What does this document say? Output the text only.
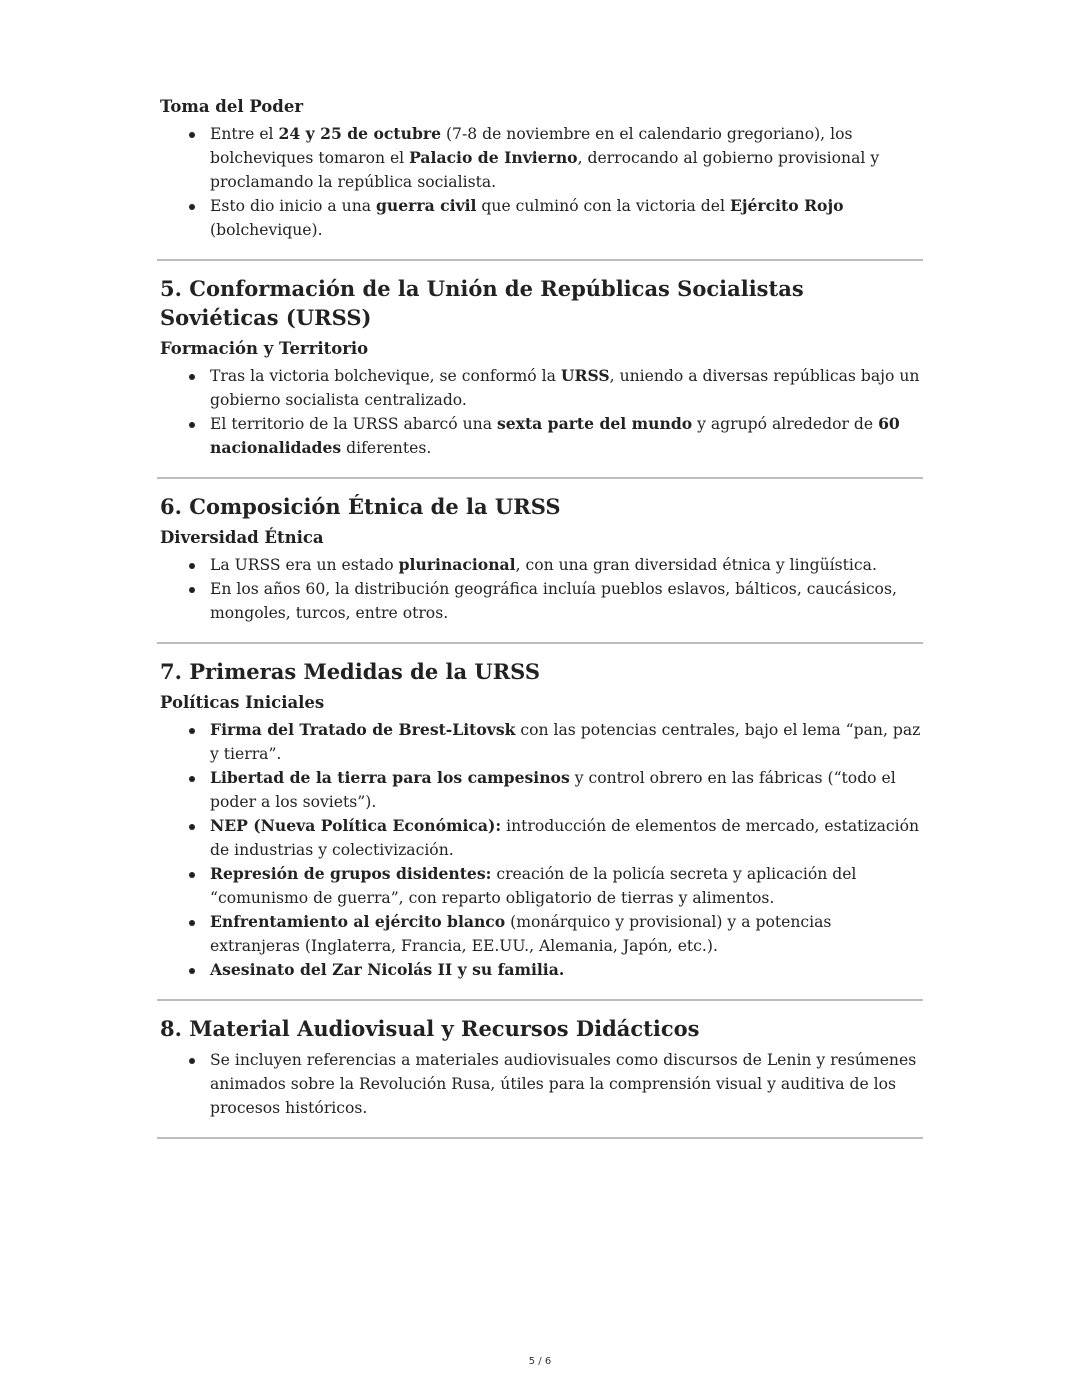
Toma del Poder
Entre el 24 y 25 de octubre (7-8 de noviembre en el calendario gregoriano), los bolcheviques tomaron el Palacio de Invierno, derrocando al gobierno provisional y proclamando la república socialista.
Esto dio inicio a una guerra civil que culminó con la victoria del Ejército Rojo (bolchevique).
5. Conformación de la Unión de Repúblicas Socialistas Soviéticas (URSS)
Formación y Territorio
Tras la victoria bolchevique, se conformó la URSS, uniendo a diversas repúblicas bajo un gobierno socialista centralizado.
El territorio de la URSS abarcó una sexta parte del mundo y agrupó alrededor de 60 nacionalidades diferentes.
6. Composición Étnica de la URSS
Diversidad Étnica
La URSS era un estado plurinacional, con una gran diversidad étnica y lingüística.
En los años 60, la distribución geográfica incluía pueblos eslavos, bálticos, caucásicos, mongoles, turcos, entre otros.
7. Primeras Medidas de la URSS
Políticas Iniciales
Firma del Tratado de Brest-Litovsk con las potencias centrales, bajo el lema “pan, paz y tierra”.
Libertad de la tierra para los campesinos y control obrero en las fábricas (“todo el poder a los soviets”).
NEP (Nueva Política Económica): introducción de elementos de mercado, estatización de industrias y colectivización.
Represión de grupos disidentes: creación de la policía secreta y aplicación del “comunismo de guerra”, con reparto obligatorio de tierras y alimentos.
Enfrentamiento al ejército blanco (monárquico y provisional) y a potencias extranjeras (Inglaterra, Francia, EE.UU., Alemania, Japón, etc.).
Asesinato del Zar Nicolás II y su familia.
8. Material Audiovisual y Recursos Didácticos
Se incluyen referencias a materiales audiovisuales como discursos de Lenin y resúmenes animados sobre la Revolución Rusa, útiles para la comprensión visual y auditiva de los procesos históricos.
5 / 6
